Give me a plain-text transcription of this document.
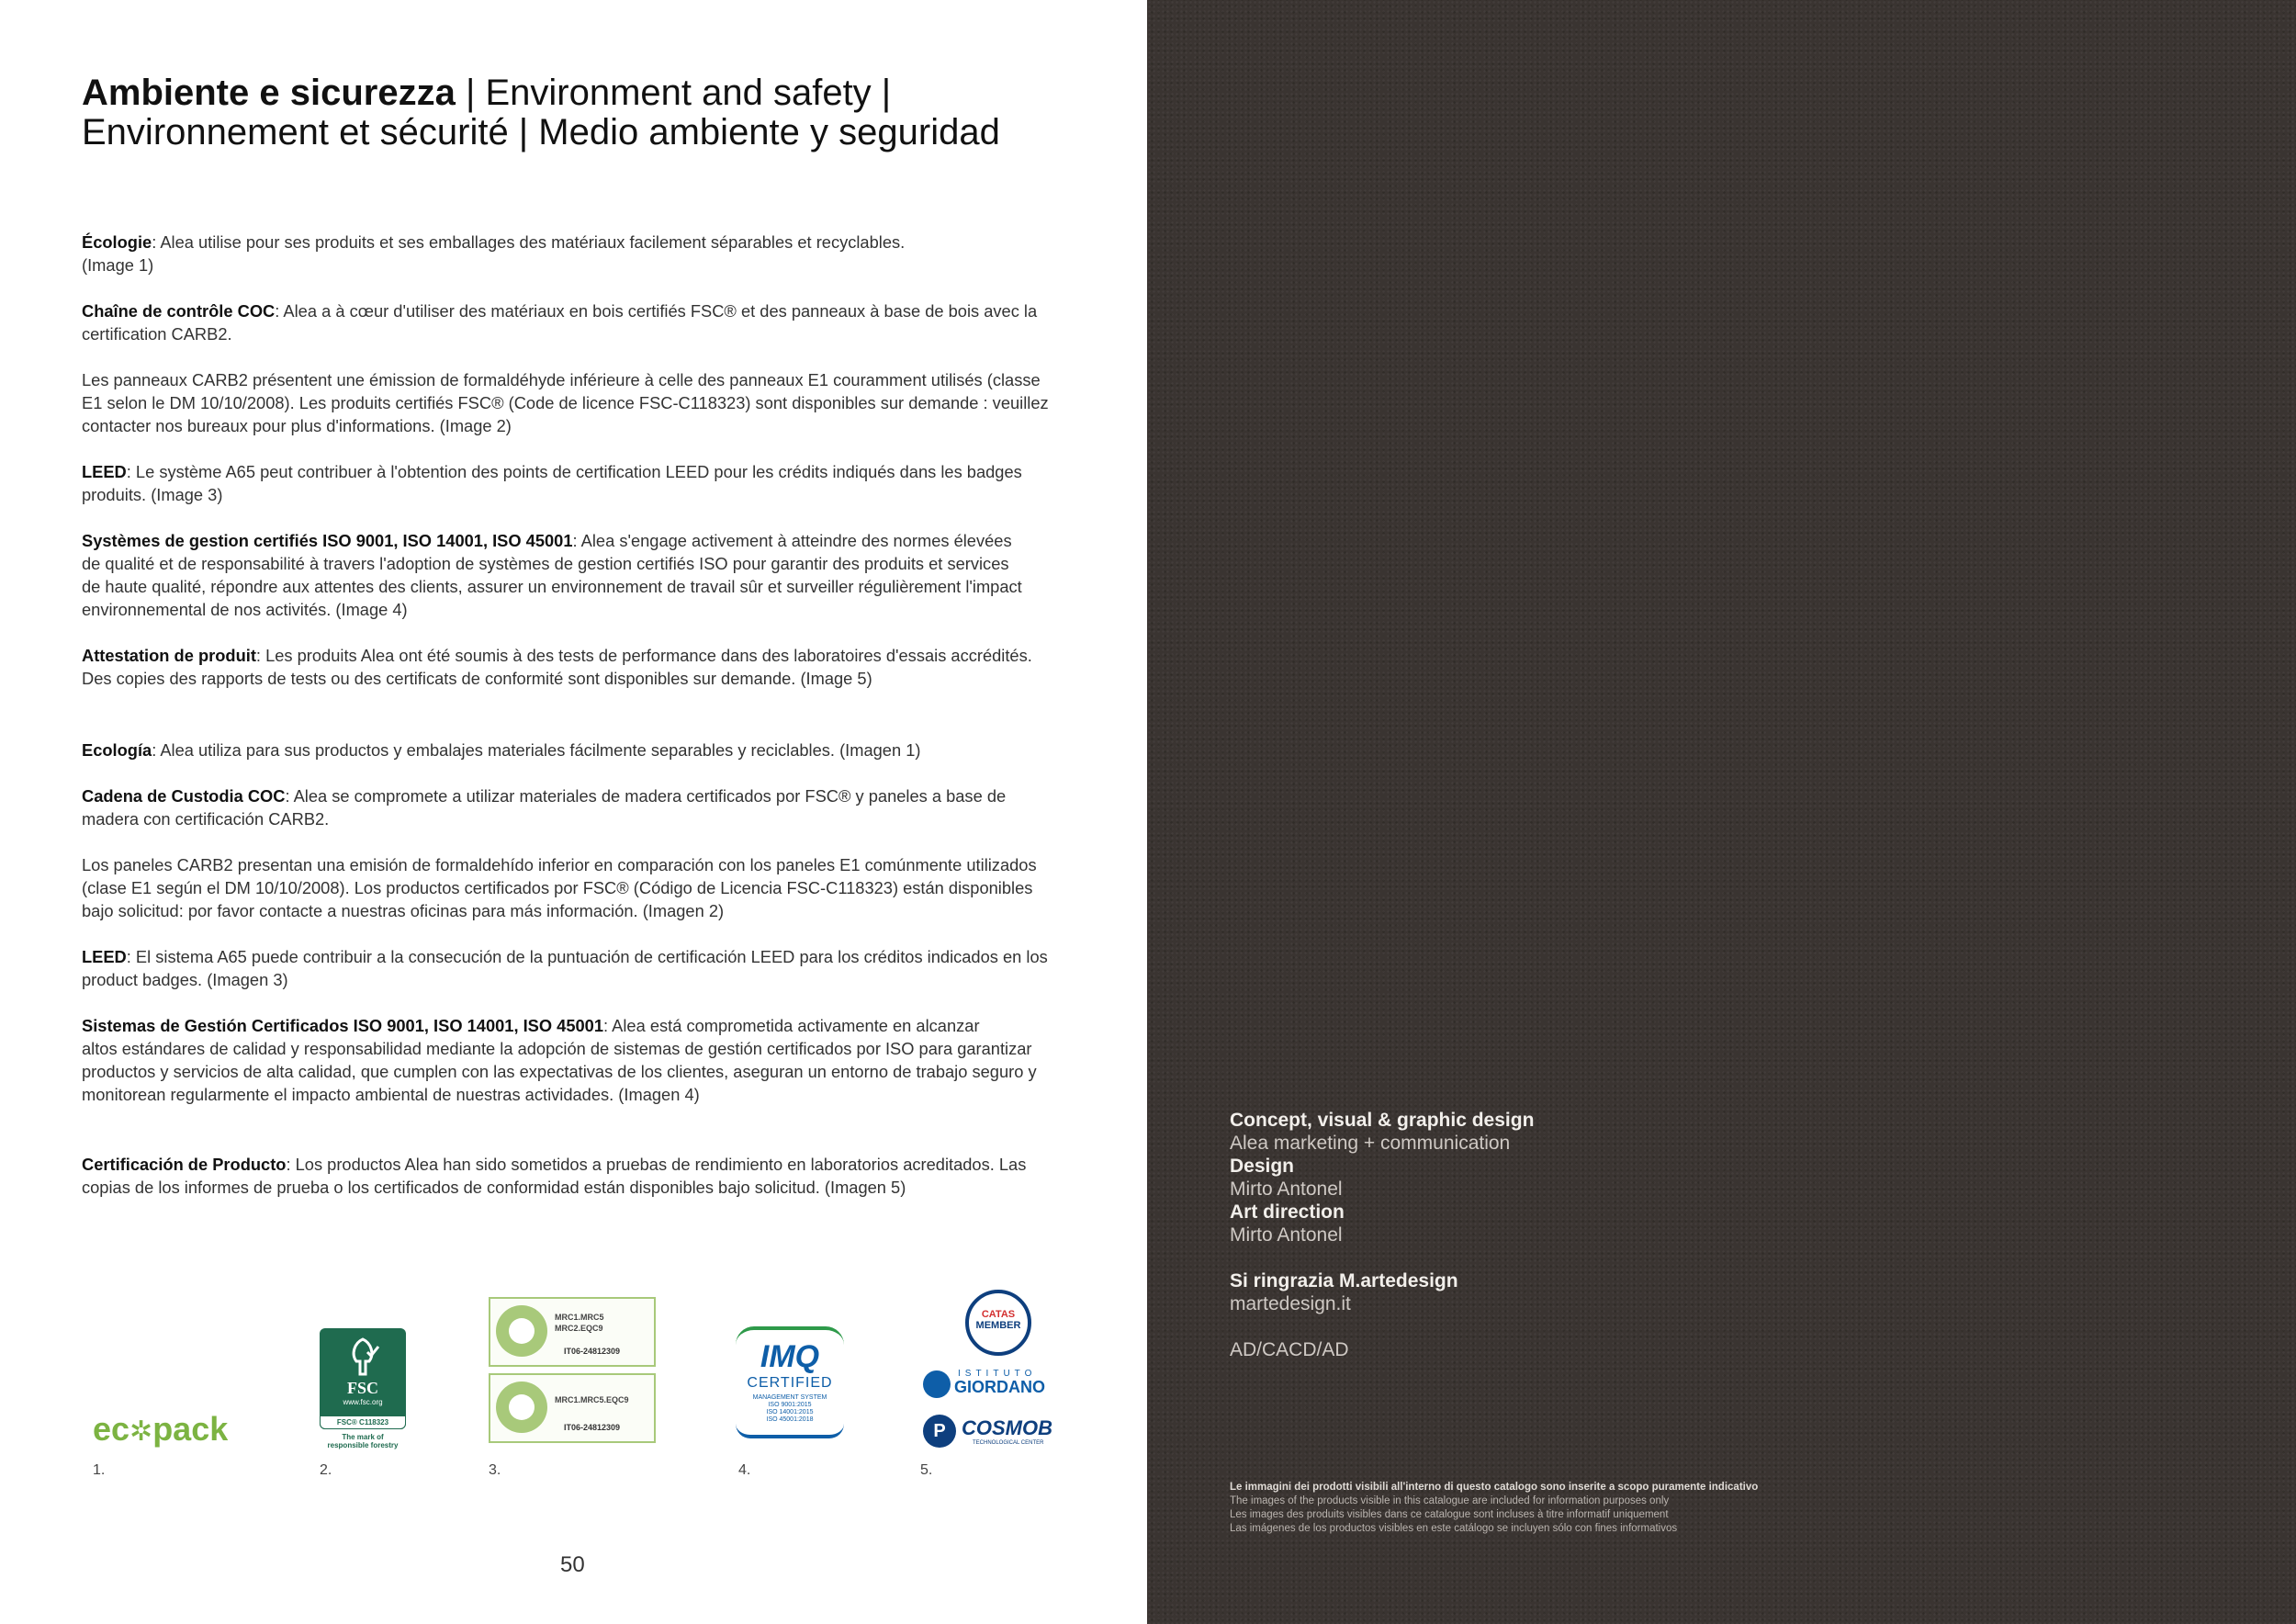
Ambiente e sicurezza | Environment and safety |
Environnement et sécurité | Medio ambiente y seguridad

Écologie: Alea utilise pour ses produits et ses emballages des matériaux facilement séparables et recyclables.
(Image 1)

Chaîne de contrôle COC: Alea a à cœur d'utiliser des matériaux en bois certifiés FSC® et des panneaux à base de bois avec la
certification CARB2.

Les panneaux CARB2 présentent une émission de formaldéhyde inférieure à celle des panneaux E1 couramment utilisés (classe
E1 selon le DM 10/10/2008). Les produits certifiés FSC® (Code de licence FSC-C118323) sont disponibles sur demande : veuillez
contacter nos bureaux pour plus d'informations. (Image 2)

LEED: Le système A65 peut contribuer à l'obtention des points de certification LEED pour les crédits indiqués dans les badges
produits. (Image 3)

Systèmes de gestion certifiés ISO 9001, ISO 14001, ISO 45001: Alea s'engage activement à atteindre des normes élevées
de qualité et de responsabilité à travers l'adoption de systèmes de gestion certifiés ISO pour garantir des produits et services
de haute qualité, répondre aux attentes des clients, assurer un environnement de travail sûr et surveiller régulièrement l'impact
environnemental de nos activités. (Image 4)

Attestation de produit: Les produits Alea ont été soumis à des tests de performance dans des laboratoires d'essais accrédités.
Des copies des rapports de tests ou des certificats de conformité sont disponibles sur demande. (Image 5)

Ecología: Alea utiliza para sus productos y embalajes materiales fácilmente separables y reciclables. (Imagen 1)

Cadena de Custodia COC: Alea se compromete a utilizar materiales de madera certificados por FSC® y paneles a base de
madera con certificación CARB2.

Los paneles CARB2 presentan una emisión de formaldehído inferior en comparación con los paneles E1 comúnmente utilizados
(clase E1 según el DM 10/10/2008). Los productos certificados por FSC® (Código de Licencia FSC-C118323) están disponibles
bajo solicitud: por favor contacte a nuestras oficinas para más información. (Imagen 2)

LEED: El sistema A65 puede contribuir a la consecución de la puntuación de certificación LEED para los créditos indicados en los
product badges. (Imagen 3)

Sistemas de Gestión Certificados ISO 9001, ISO 14001, ISO 45001: Alea está comprometida activamente en alcanzar
altos estándares de calidad y responsabilidad mediante la adopción de sistemas de gestión certificados por ISO para garantizar
productos y servicios de alta calidad, que cumplen con las expectativas de los clientes, aseguran un entorno de trabajo seguro y
monitorean regularmente el impacto ambiental de nuestras actividades. (Imagen 4)

Certificación de Producto: Los productos Alea han sido sometidos a pruebas de rendimiento en laboratorios acreditados. Las
copias de los informes de prueba o los certificados de conformidad están disponibles bajo solicitud. (Imagen 5)

ec✲pack
1.
FSC
www.fsc.org
FSC® C118323
The mark of
responsible forestry
2.
MRC1.MRC5
MRC2.EQC9
IT06-24812309
MRC1.MRC5.EQC9
IT06-24812309
3.
IMQ
CERTIFIED
MANAGEMENT SYSTEM
ISO 9001:2015
ISO 14001:2015
ISO 45001:2018
4.
CATAS
MEMBER
ISTITUTO
GIORDANO
P COSMOB
TECHNOLOGICAL CENTER
5.
50
Concept, visual & graphic design
Alea marketing + communication
Design
Mirto Antonel
Art direction
Mirto Antonel
Si ringrazia M.artedesign
martedesign.it
AD/CACD/AD
Le immagini dei prodotti visibili all'interno di questo catalogo sono inserite a scopo puramente indicativo
The images of the products visible in this catalogue are included for information purposes only
Les images des produits visibles dans ce catalogue sont incluses à titre informatif uniquement
Las imágenes de los productos visibles en este catálogo se incluyen sólo con fines informativos
